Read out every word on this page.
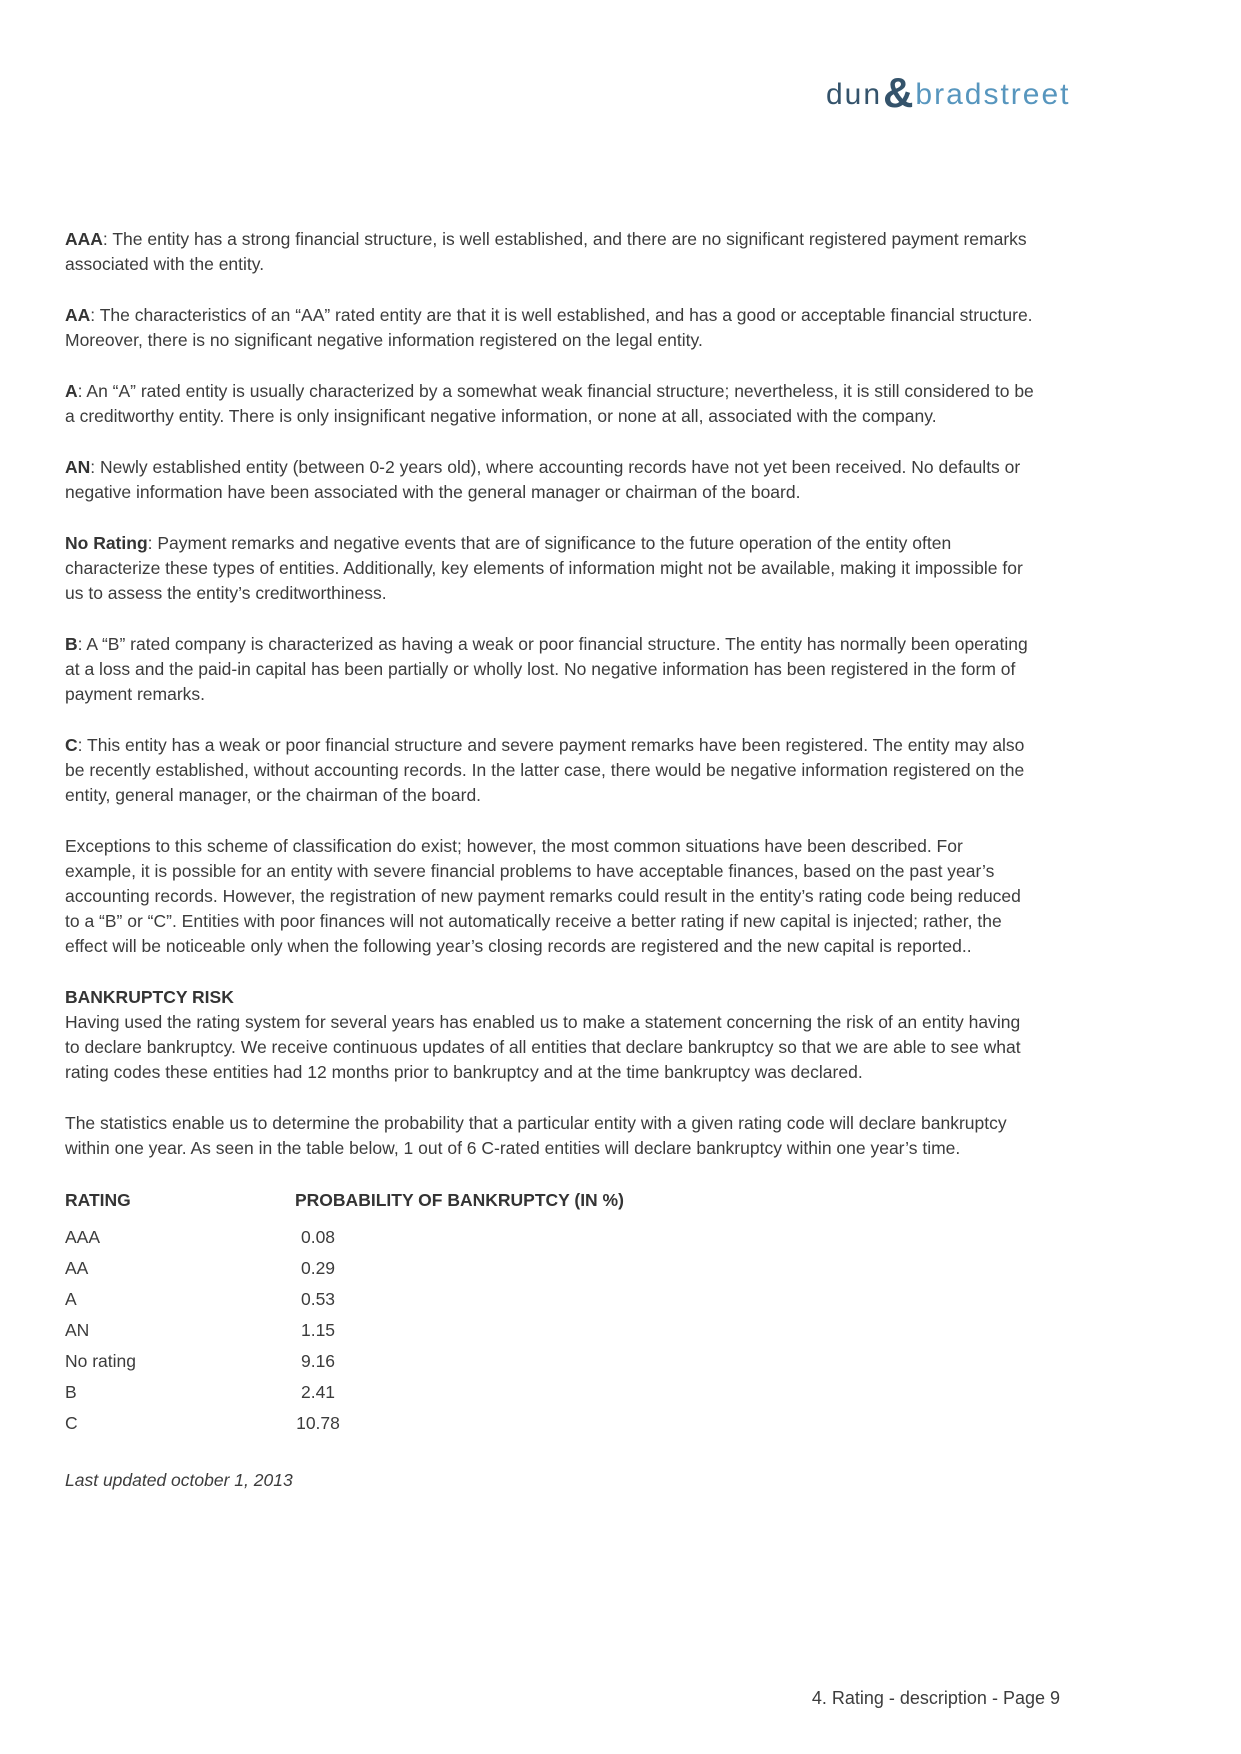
dun & bradstreet

AAA: The entity has a strong financial structure, is well established, and there are no significant registered payment remarks associated with the entity.

AA: The characteristics of an “AA” rated entity are that it is well established, and has a good or acceptable financial structure. Moreover, there is no significant negative information registered on the legal entity.

A: An “A” rated entity is usually characterized by a somewhat weak financial structure; nevertheless, it is still considered to be a creditworthy entity. There is only insignificant negative information, or none at all, associated with the company.

AN: Newly established entity (between 0-2 years old), where accounting records have not yet been received. No defaults or negative information have been associated with the general manager or chairman of the board.

No Rating: Payment remarks and negative events that are of significance to the future operation of the entity often characterize these types of entities. Additionally, key elements of information might not be available, making it impossible for us to assess the entity’s creditworthiness.

B: A “B” rated company is characterized as having a weak or poor financial structure. The entity has normally been operating at a loss and the paid-in capital has been partially or wholly lost. No negative information has been registered in the form of payment remarks.

C: This entity has a weak or poor financial structure and severe payment remarks have been registered. The entity may also be recently established, without accounting records. In the latter case, there would be negative information registered on the entity, general manager, or the chairman of the board.

Exceptions to this scheme of classification do exist; however, the most common situations have been described. For example, it is possible for an entity with severe financial problems to have acceptable finances, based on the past year’s accounting records. However, the registration of new payment remarks could result in the entity’s rating code being reduced to a “B” or “C”. Entities with poor finances will not automatically receive a better rating if new capital is injected; rather, the effect will be noticeable only when the following year’s closing records are registered and the new capital is reported..

BANKRUPTCY RISK

Having used the rating system for several years has enabled us to make a statement concerning the risk of an entity having to declare bankruptcy. We receive continuous updates of all entities that declare bankruptcy so that we are able to see what rating codes these entities had 12 months prior to bankruptcy and at the time bankruptcy was declared.

The statistics enable us to determine the probability that a particular entity with a given rating code will declare bankruptcy within one year. As seen in the table below, 1 out of 6 C-rated entities will declare bankruptcy within one year’s time.

RATING	PROBABILITY OF BANKRUPTCY (IN %)
AAA	0.08
AA	0.29
A	0.53
AN	1.15
No rating	9.16
B	2.41
C	10.78

Last updated october 1, 2013

4. Rating - description - Page 9
